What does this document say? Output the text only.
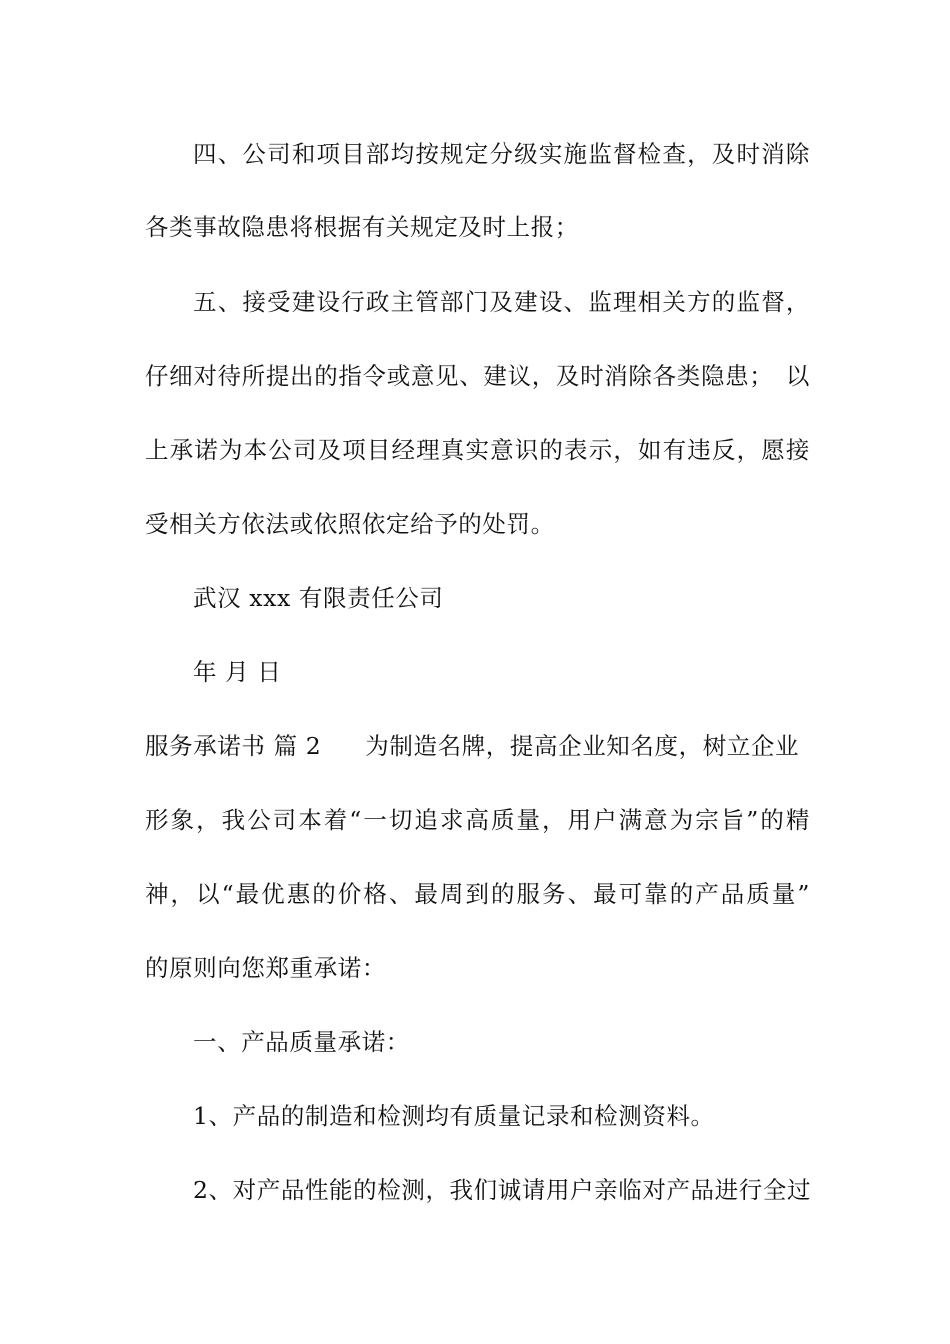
四、公司和项目部均按规定分级实施监督检查，及时消除
各类事故隐患将根据有关规定及时上报；
五、接受建设行政主管部门及建设、监理相关方的监督，
仔细对待所提出的指令或意见、建议，及时消除各类隐患；　以
上承诺为本公司及项目经理真实意识的表示，如有违反，愿接
受相关方依法或依照依定给予的处罚。
武汉 xxx 有限责任公司
年 月 日
服务承诺书 篇 2 为制造名牌，提高企业知名度，树立企业
形象，我公司本着“一切追求高质量，用户满意为宗旨”的精
神，以“最优惠的价格、最周到的服务、最可靠的产品质量”
的原则向您郑重承诺：
一、产品质量承诺：
1、产品的制造和检测均有质量记录和检测资料。
2、对产品性能的检测，我们诚请用户亲临对产品进行全过
